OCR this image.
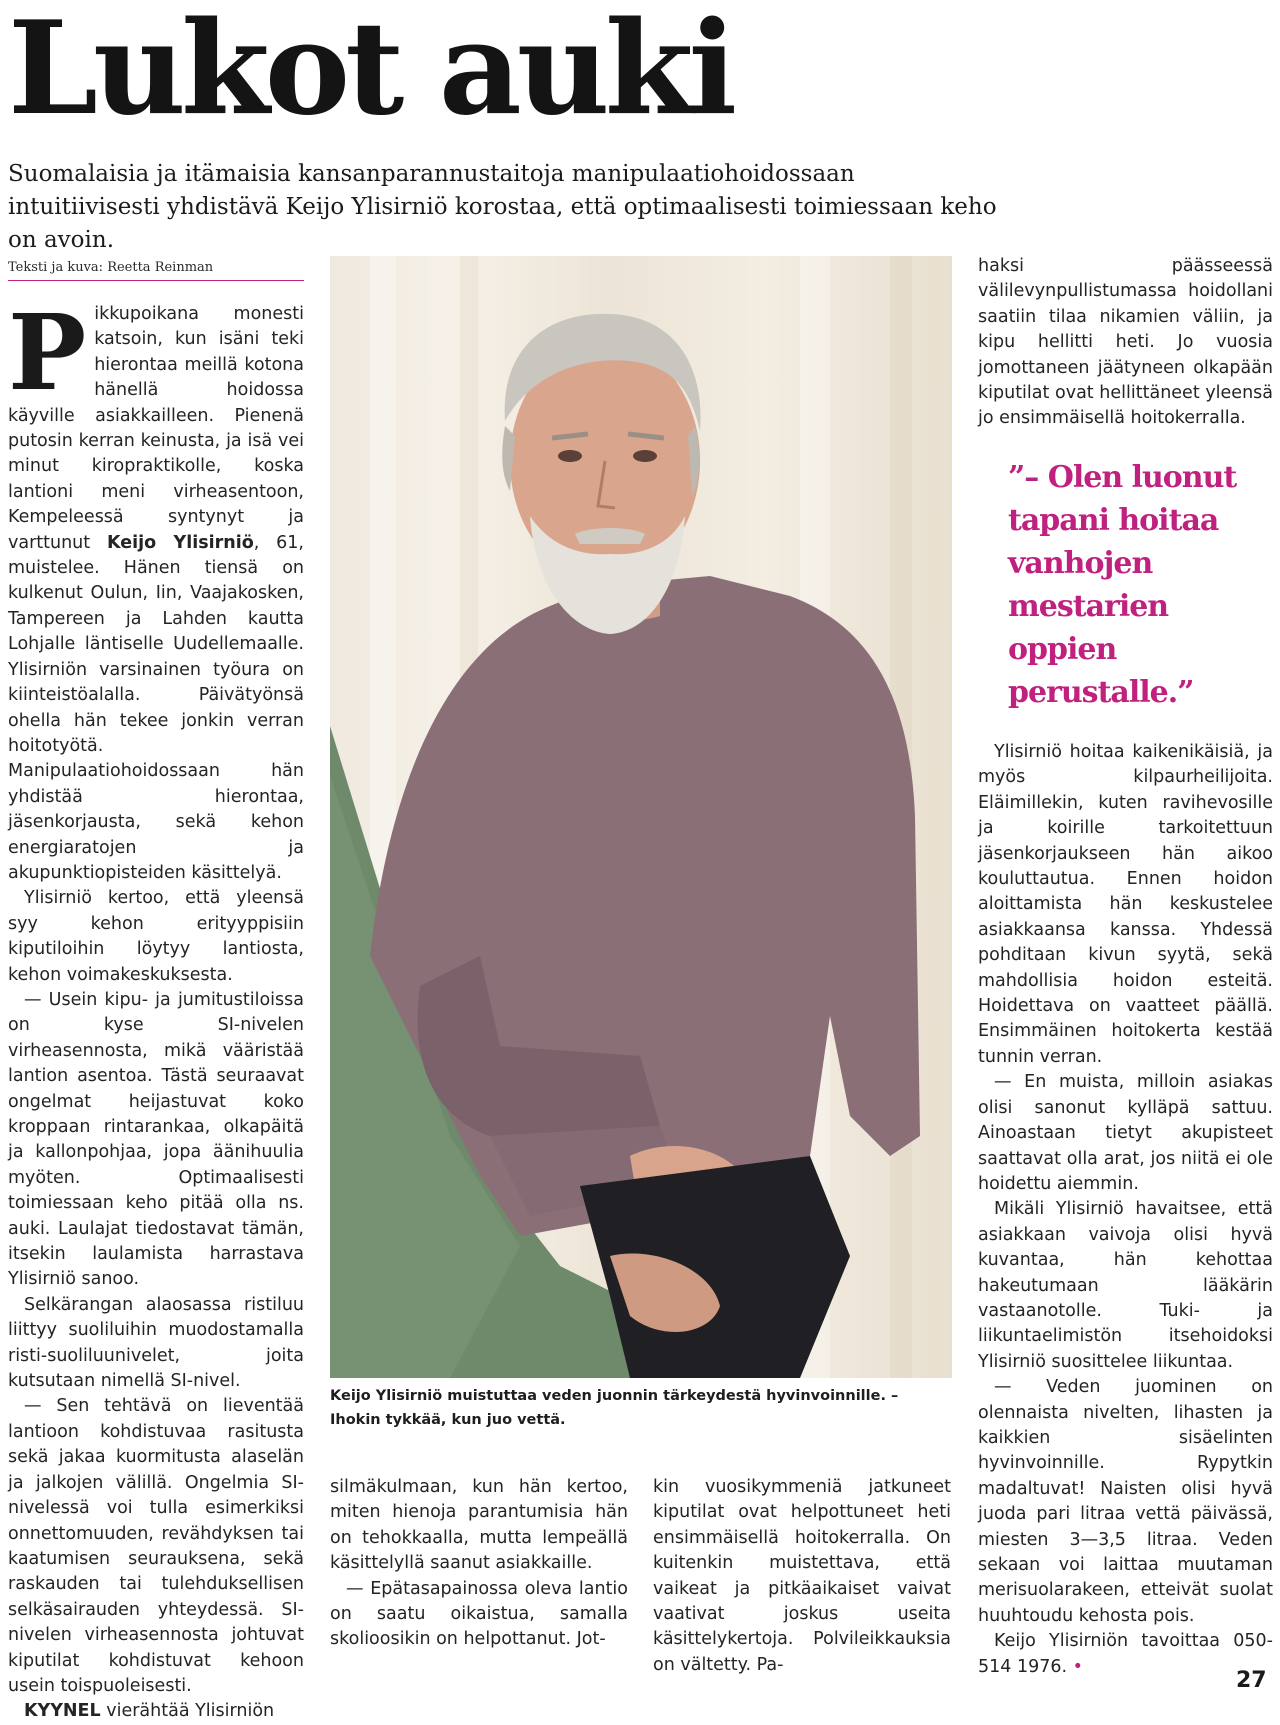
Lukot auki

Suomalaisia ja itämaisia kansanparannustaitoja manipulaatiohoidossaan intuitiivisesti yhdistävä Keijo Ylisirniö korostaa, että optimaalisesti toimiessaan keho on avoin.

Teksti ja kuva: Reetta Reinman

Pikkupoikana monesti katsoin, kun isäni teki hierontaa meillä kotona hänellä hoidossa käyville asiakkailleen. Pienenä putosin kerran keinusta, ja isä vei minut kiropraktikolle, koska lantioni meni virheasentoon, Kempeleessä syntynyt ja varttunut Keijo Ylisirniö, 61, muistelee. Hänen tiensä on kulkenut Oulun, Iin, Vaajakosken, Tampereen ja Lahden kautta Lohjalle läntiselle Uudellemaalle. Ylisirniön varsinainen työura on kiinteistöalalla. Päivätyönsä ohella hän tekee jonkin verran hoitotyötä. Manipulaatiohoidossaan hän yhdistää hierontaa, jäsenkorjausta, sekä kehon energiaratojen ja akupunktiopisteiden käsittelyä.

Ylisirniö kertoo, että yleensä syy kehon erityyppisiin kiputiloihin löytyy lantiosta, kehon voimakeskuksesta.

— Usein kipu- ja jumitustiloissa on kyse SI-nivelen virheasennosta, mikä vääristää lantion asentoa. Tästä seuraavat ongelmat heijastuvat koko kroppaan rintarankaa, olkapäitä ja kallonpohjaa, jopa äänihuulia myöten. Optimaalisesti toimiessaan keho pitää olla ns. auki. Laulajat tiedostavat tämän, itsekin laulamista harrastava Ylisirniö sanoo.

Selkärangan alaosassa ristiluu liittyy suoliluihin muodostamalla risti-suoliluunivelet, joita kutsutaan nimellä SI-nivel.

— Sen tehtävä on lieventää lantioon kohdistuvaa rasitusta sekä jakaa kuormitusta alaselän ja jalkojen välillä. Ongelmia SI-nivelessä voi tulla esimerkiksi onnettomuuden, revähdyksen tai kaatumisen seurauksena, sekä raskauden tai tulehduksellisen selkäsairauden yhteydessä. SI-nivelen virheasennosta johtuvat kiputilat kohdistuvat kehoon usein toispuoleisesti.

KYYNEL vierähtää Ylisirniön

Keijo Ylisirniö muistuttaa veden juonnin tärkeydestä hyvinvoinnille. – Ihokin tykkää, kun juo vettä.

silmäkulmaan, kun hän kertoo, miten hienoja parantumisia hän on tehokkaalla, mutta lempeällä käsittelyllä saanut asiakkaille.

— Epätasapainossa oleva lantio on saatu oikaistua, samalla skolioosikin on helpottanut. Jot-

kin vuosikymmeniä jatkuneet kiputilat ovat helpottuneet heti ensimmäisellä hoitokerralla. On kuitenkin muistettava, että vaikeat ja pitkäaikaiset vaivat vaativat joskus useita käsittelykertoja. Polvileikkauksia on vältetty. Pa-

haksi päässeessä välilevynpullistumassa hoidollani saatiin tilaa nikamien väliin, ja kipu hellitti heti. Jo vuosia jomottaneen jäätyneen olkapään kiputilat ovat hellittäneet yleensä jo ensimmäisellä hoitokerralla.

”– Olen luonut tapani hoitaa vanhojen mestarien oppien perustalle.”

Ylisirniö hoitaa kaikenikäisiä, ja myös kilpaurheilijoita. Eläimillekin, kuten ravihevosille ja koirille tarkoitettuun jäsenkorjaukseen hän aikoo kouluttautua. Ennen hoidon aloittamista hän keskustelee asiakkaansa kanssa. Yhdessä pohditaan kivun syytä, sekä mahdollisia hoidon esteitä. Hoidettava on vaatteet päällä. Ensimmäinen hoitokerta kestää tunnin verran.

— En muista, milloin asiakas olisi sanonut kylläpä sattuu. Ainoastaan tietyt akupisteet saattavat olla arat, jos niitä ei ole hoidettu aiemmin.

Mikäli Ylisirniö havaitsee, että asiakkaan vaivoja olisi hyvä kuvantaa, hän kehottaa hakeutumaan lääkärin vastaanotolle. Tuki- ja liikuntaelimistön itsehoidoksi Ylisirniö suosittelee liikuntaa.

— Veden juominen on olennaista nivelten, lihasten ja kaikkien sisäelinten hyvinvoinnille. Rypytkin madaltuvat! Naisten olisi hyvä juoda pari litraa vettä päivässä, miesten 3—3,5 litraa. Veden sekaan voi laittaa muutaman merisuolarakeen, etteivät suolat huuhtoudu kehosta pois.

Keijo Ylisirniön tavoittaa 050-514 1976. •

27
